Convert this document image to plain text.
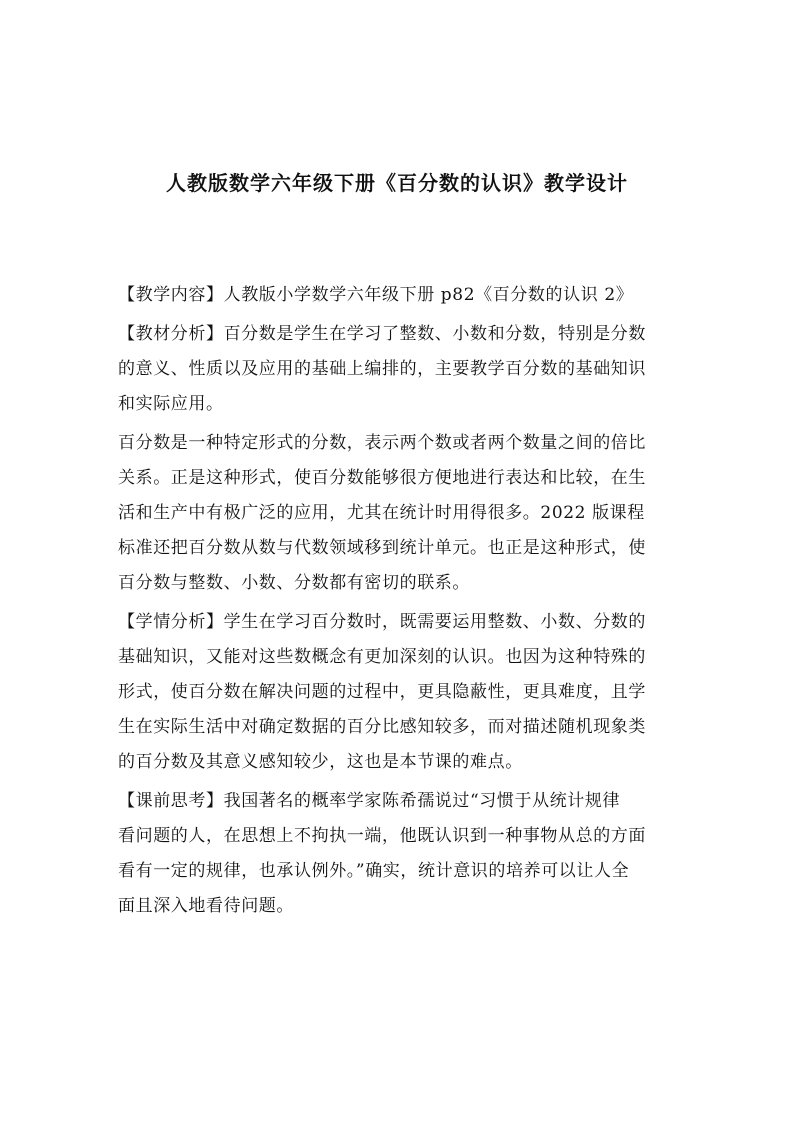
人教版数学六年级下册《百分数的认识》教学设计

【教学内容】人教版小学数学六年级下册 p82《百分数的认识 2》

【教材分析】百分数是学生在学习了整数、小数和分数，特别是分数
的意义、性质以及应用的基础上编排的，主要教学百分数的基础知识
和实际应用。

百分数是一种特定形式的分数，表示两个数或者两个数量之间的倍比
关系。正是这种形式，使百分数能够很方便地进行表达和比较，在生
活和生产中有极广泛的应用，尤其在统计时用得很多。2022 版课程
标准还把百分数从数与代数领域移到统计单元。也正是这种形式，使
百分数与整数、小数、分数都有密切的联系。

【学情分析】学生在学习百分数时，既需要运用整数、小数、分数的
基础知识，又能对这些数概念有更加深刻的认识。也因为这种特殊的
形式，使百分数在解决问题的过程中，更具隐蔽性，更具难度，且学
生在实际生活中对确定数据的百分比感知较多，而对描述随机现象类
的百分数及其意义感知较少，这也是本节课的难点。

【课前思考】我国著名的概率学家陈希孺说过“习惯于从统计规律
看问题的人，在思想上不拘执一端，他既认识到一种事物从总的方面
看有一定的规律，也承认例外。”确实，统计意识的培养可以让人全
面且深入地看待问题。
